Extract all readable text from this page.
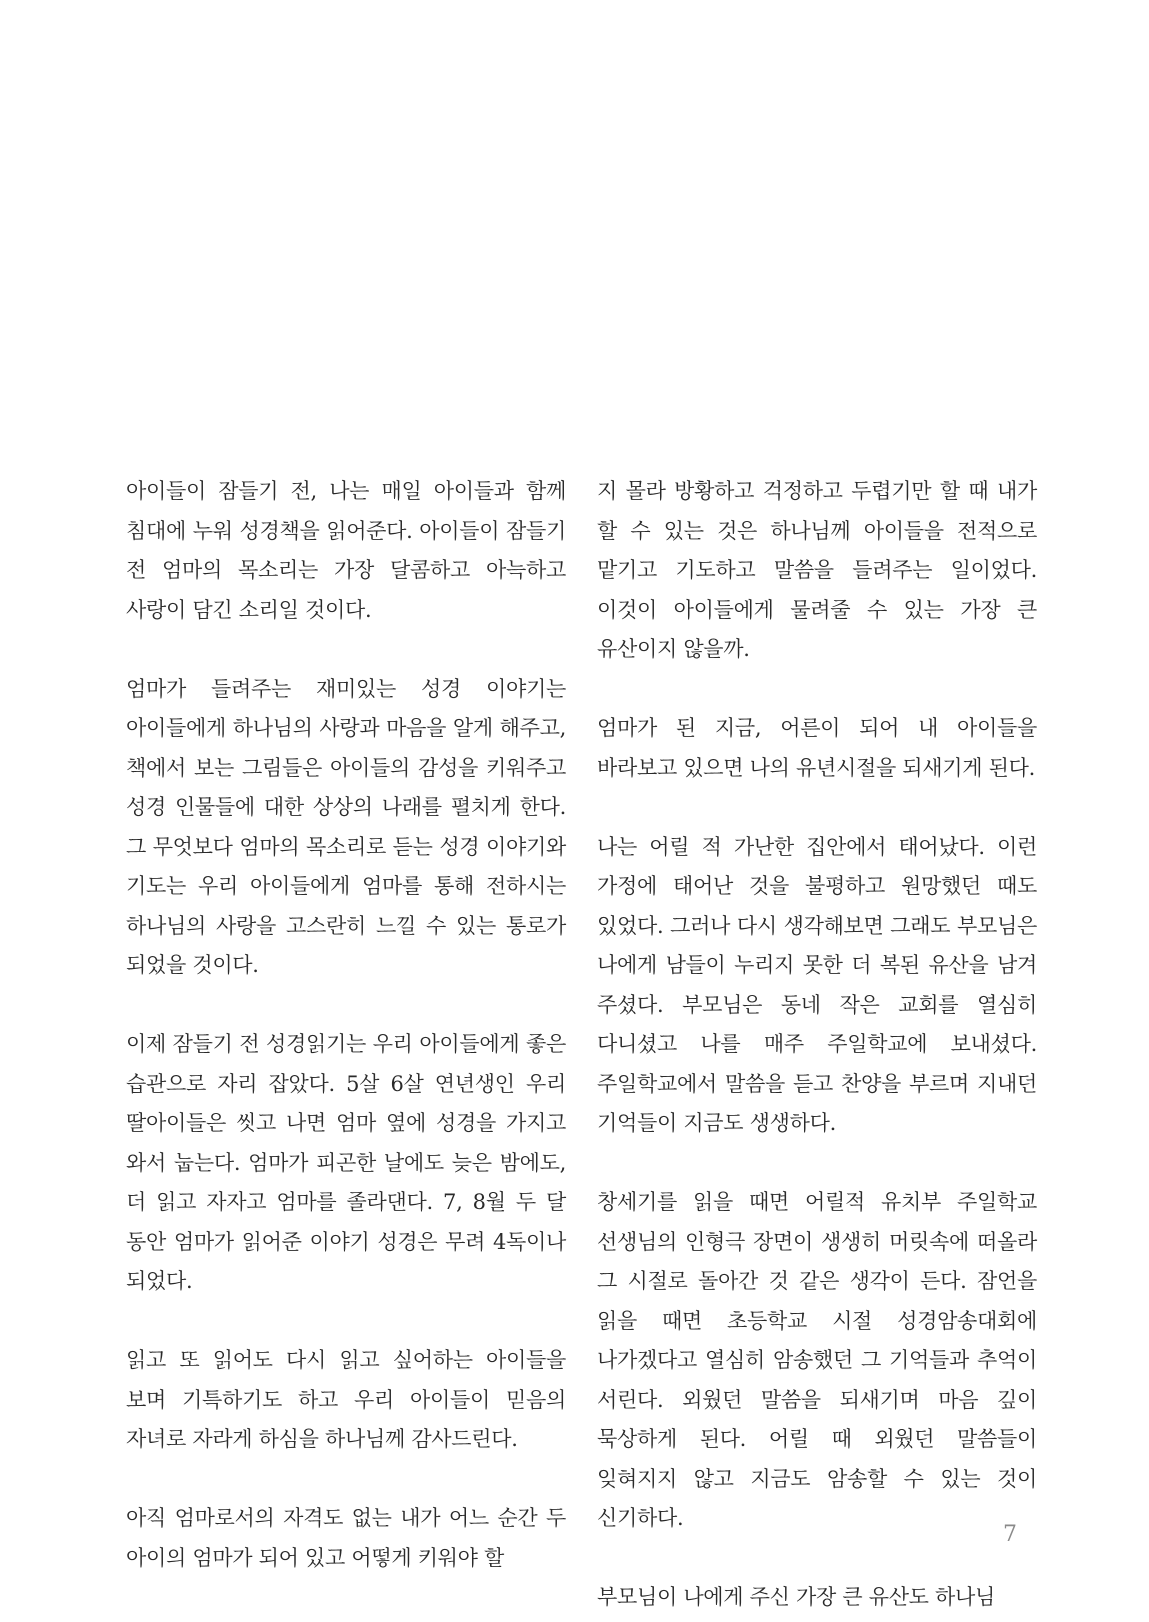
아이들이 잠들기 전, 나는 매일 아이들과 함께 침대에 누워 성경책을 읽어준다. 아이들이 잠들기 전 엄마의 목소리는 가장 달콤하고 아늑하고 사랑이 담긴 소리일 것이다.

엄마가 들려주는 재미있는 성경 이야기는 아이들에게 하나님의 사랑과 마음을 알게 해주고, 책에서 보는 그림들은 아이들의 감성을 키워주고 성경 인물들에 대한 상상의 나래를 펼치게 한다. 그 무엇보다 엄마의 목소리로 듣는 성경 이야기와 기도는 우리 아이들에게 엄마를 통해 전하시는 하나님의 사랑을 고스란히 느낄 수 있는 통로가 되었을 것이다.

이제 잠들기 전 성경읽기는 우리 아이들에게 좋은 습관으로 자리 잡았다. 5살 6살 연년생인 우리 딸아이들은 씻고 나면 엄마 옆에 성경을 가지고 와서 눕는다. 엄마가 피곤한 날에도 늦은 밤에도, 더 읽고 자자고 엄마를 졸라댄다. 7, 8월 두 달 동안 엄마가 읽어준 이야기 성경은 무려 4독이나 되었다.

읽고 또 읽어도 다시 읽고 싶어하는 아이들을 보며 기특하기도 하고 우리 아이들이 믿음의 자녀로 자라게 하심을 하나님께 감사드린다.

아직 엄마로서의 자격도 없는 내가 어느 순간 두 아이의 엄마가 되어 있고 어떻게 키워야 할

지 몰라 방황하고 걱정하고 두렵기만 할 때 내가 할 수 있는 것은 하나님께 아이들을 전적으로 맡기고 기도하고 말씀을 들려주는 일이었다. 이것이 아이들에게 물려줄 수 있는 가장 큰 유산이지 않을까.

엄마가 된 지금, 어른이 되어 내 아이들을 바라보고 있으면 나의 유년시절을 되새기게 된다.

나는 어릴 적 가난한 집안에서 태어났다. 이런 가정에 태어난 것을 불평하고 원망했던 때도 있었다. 그러나 다시 생각해보면 그래도 부모님은 나에게 남들이 누리지 못한 더 복된 유산을 남겨 주셨다. 부모님은 동네 작은 교회를 열심히 다니셨고 나를 매주 주일학교에 보내셨다. 주일학교에서 말씀을 듣고 찬양을 부르며 지내던 기억들이 지금도 생생하다.

창세기를 읽을 때면 어릴적 유치부 주일학교 선생님의 인형극 장면이 생생히 머릿속에 떠올라 그 시절로 돌아간 것 같은 생각이 든다. 잠언을 읽을 때면 초등학교 시절 성경암송대회에 나가겠다고 열심히 암송했던 그 기억들과 추억이 서린다. 외웠던 말씀을 되새기며 마음 깊이 묵상하게 된다. 어릴 때 외웠던 말씀들이 잊혀지지 않고 지금도 암송할 수 있는 것이 신기하다.

부모님이 나에게 주신 가장 큰 유산도 하나님

7
